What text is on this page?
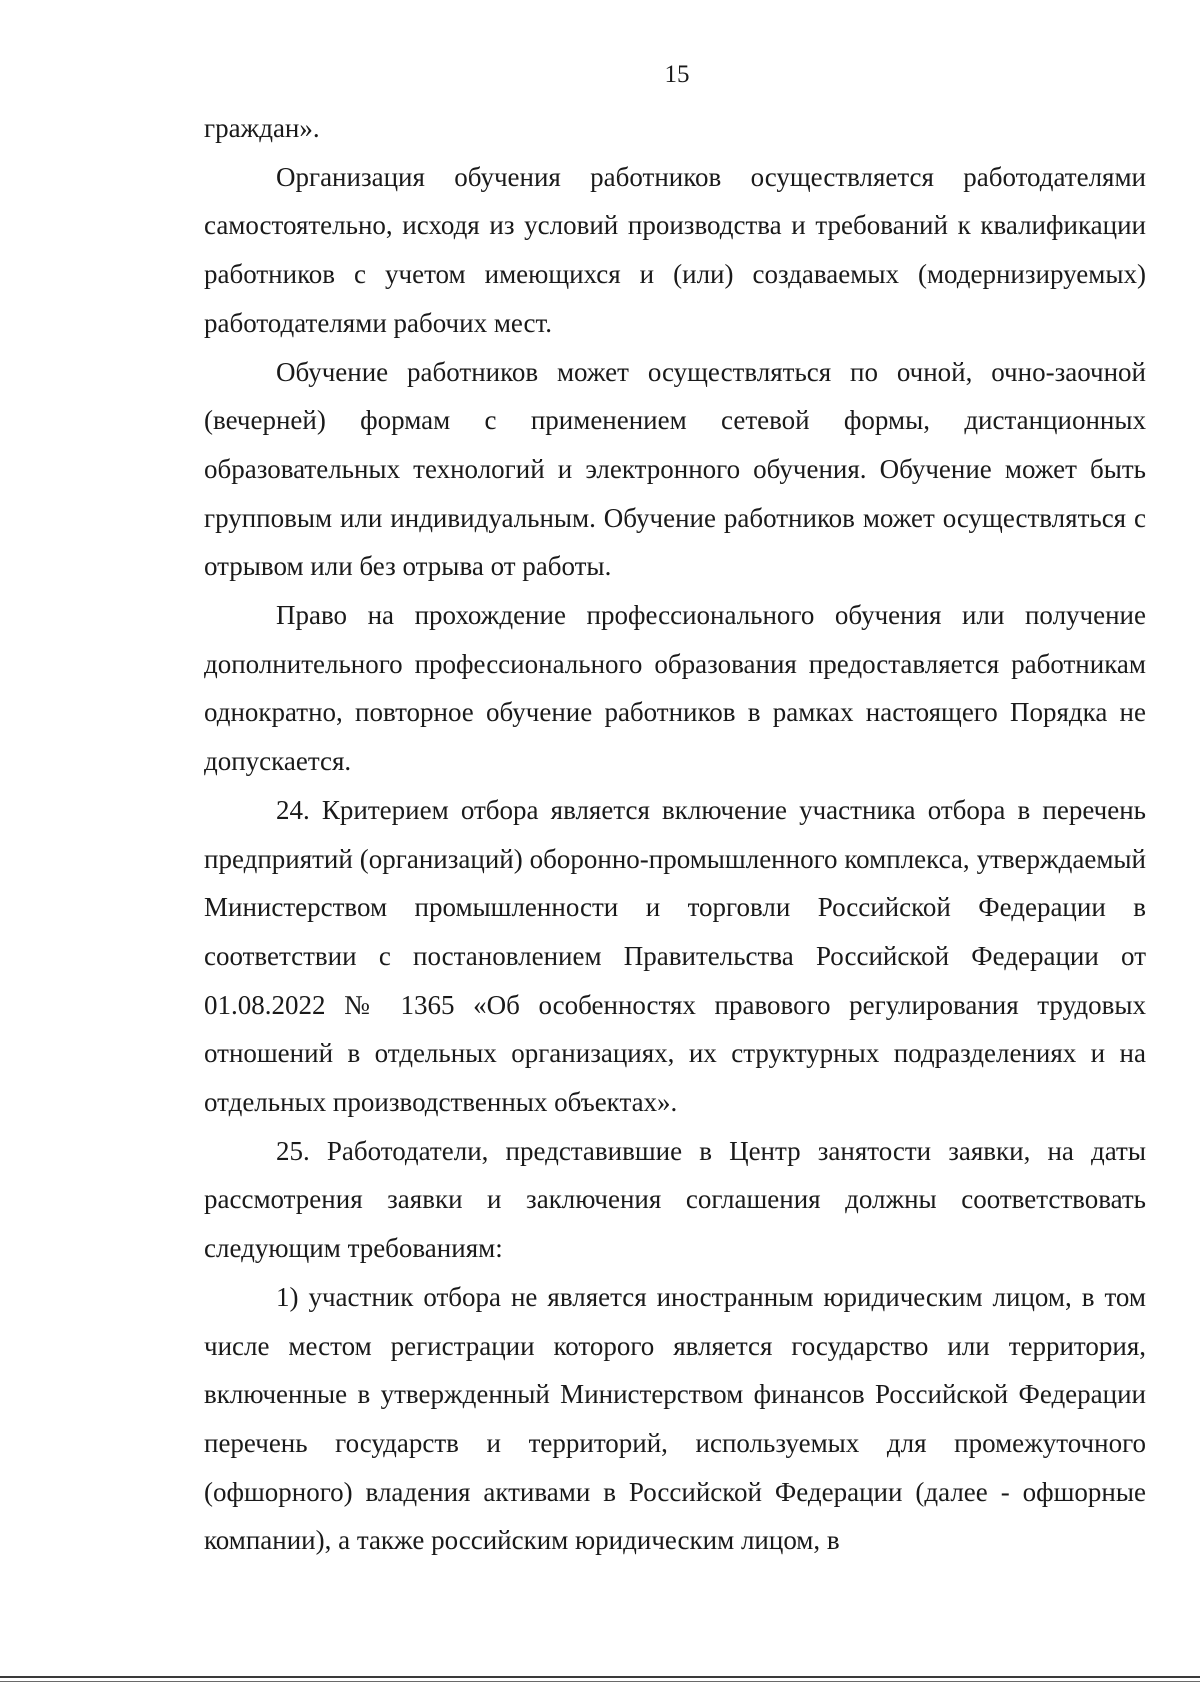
15

граждан».

Организация обучения работников осуществляется работодателями самостоятельно, исходя из условий производства и требований к квалификации работников с учетом имеющихся и (или) создаваемых (модернизируемых) работодателями рабочих мест.

Обучение работников может осуществляться по очной, очно-заочной (вечерней) формам с применением сетевой формы, дистанционных образовательных технологий и электронного обучения. Обучение может быть групповым или индивидуальным. Обучение работников может осуществляться с отрывом или без отрыва от работы.

Право на прохождение профессионального обучения или получение дополнительного профессионального образования предоставляется работникам однократно, повторное обучение работников в рамках настоящего Порядка не допускается.

24. Критерием отбора является включение участника отбора в перечень предприятий (организаций) оборонно-промышленного комплекса, утверждаемый Министерством промышленности и торговли Российской Федерации в соответствии с постановлением Правительства Российской Федерации от 01.08.2022 № 1365 «Об особенностях правового регулирования трудовых отношений в отдельных организациях, их структурных подразделениях и на отдельных производственных объектах».

25. Работодатели, представившие в Центр занятости заявки, на даты рассмотрения заявки и заключения соглашения должны соответствовать следующим требованиям:

1) участник отбора не является иностранным юридическим лицом, в том числе местом регистрации которого является государство или территория, включенные в утвержденный Министерством финансов Российской Федерации перечень государств и территорий, используемых для промежуточного (офшорного) владения активами в Российской Федерации (далее - офшорные компании), а также российским юридическим лицом, в
